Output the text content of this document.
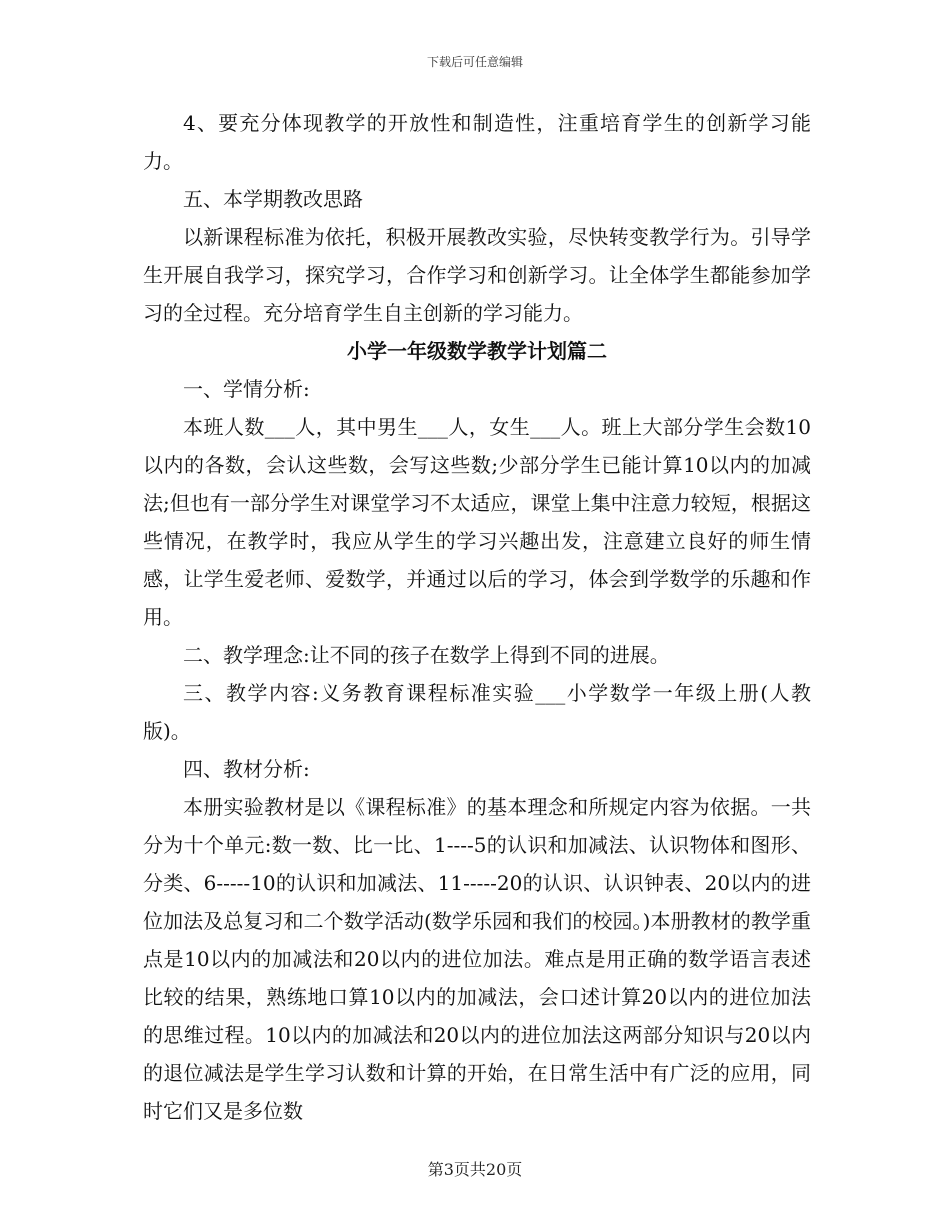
下载后可任意编辑

4、要充分体现教学的开放性和制造性，注重培育学生的创新学习能力。

五、本学期教改思路

以新课程标准为依托，积极开展教改实验，尽快转变教学行为。引导学生开展自我学习，探究学习，合作学习和创新学习。让全体学生都能参加学习的全过程。充分培育学生自主创新的学习能力。

小学一年级数学教学计划篇二

一、学情分析:

本班人数___人，其中男生___人，女生___人。班上大部分学生会数10以内的各数，会认这些数，会写这些数;少部分学生已能计算10以内的加减法;但也有一部分学生对课堂学习不太适应，课堂上集中注意力较短，根据这些情况，在教学时，我应从学生的学习兴趣出发，注意建立良好的师生情感，让学生爱老师、爱数学，并通过以后的学习，体会到学数学的乐趣和作用。

二、教学理念:让不同的孩子在数学上得到不同的进展。

三、教学内容:义务教育课程标准实验___小学数学一年级上册(人教版)。

四、教材分析:

本册实验教材是以《课程标准》的基本理念和所规定内容为依据。一共分为十个单元:数一数、比一比、1----5的认识和加减法、认识物体和图形、分类、6-----10的认识和加减法、11-----20的认识、认识钟表、20以内的进位加法及总复习和二个数学活动(数学乐园和我们的校园。)本册教材的教学重点是10以内的加减法和20以内的进位加法。难点是用正确的数学语言表述比较的结果，熟练地口算10以内的加减法，会口述计算20以内的进位加法的思维过程。10以内的加减法和20以内的进位加法这两部分知识与20以内的退位减法是学生学习认数和计算的开始，在日常生活中有广泛的应用，同时它们又是多位数

第3页共20页
